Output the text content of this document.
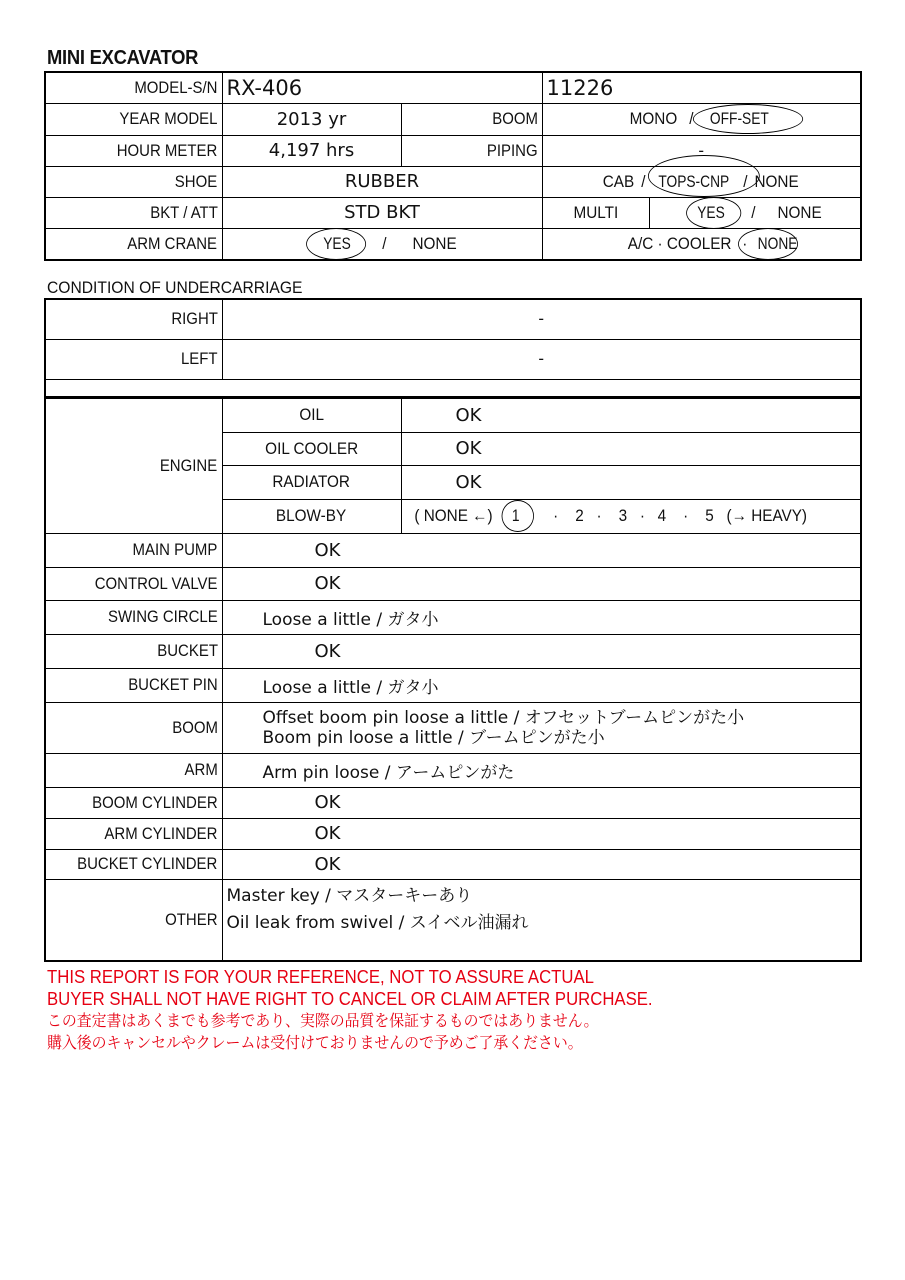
MINI EXCAVATOR
MODEL-S/N	RX-406		11226	
YEAR MODEL	2013 yr	BOOM	MONO / OFF-SET	

HOUR METER	4,197 hrs	PIPING	-	
SHOE	RUBBER		CAB / TOPS-CNP / NONE	
BKT / ATT	STD BKT		MULTI	YES / NONE
ARM CRANE	YES / NONE		A/C · COOLER · NONE	
CONDITION OF UNDERCARRIAGE
RIGHT	-
LEFT	-

ENGINE	OIL	OK
	OIL COOLER	OK
	RADIATOR	OK
	BLOW-BY	( NONE ←) 1 ·    2   ·    3   ·   4    ·    5   (→ HEAVY)
MAIN PUMP	OK	
CONTROL VALVE	OK	
SWING CIRCLE	Loose a little / ガタ小	
BUCKET	OK	
BUCKET PIN	Loose a little / ガタ小	
BOOM	Offset boom pin loose a little / オフセットブームピンがた小
Boom pin loose a little / ブームピンがた小	

ARM	Arm pin loose / アームピンがた	
BOOM CYLINDER	OK	
ARM CYLINDER	OK	
BUCKET CYLINDER	OK	
OTHER	Master key / マスターキーあり
Oil leak from swivel / スイベル油漏れ	
THIS REPORT IS FOR YOUR REFERENCE, NOT TO ASSURE ACTUAL
BUYER SHALL NOT HAVE RIGHT TO CANCEL OR CLAIM AFTER PURCHASE.
この査定書はあくまでも参考であり、実際の品質を保証するものではありません。
購入後のキャンセルやクレームは受付けておりませんので予めご了承ください。
